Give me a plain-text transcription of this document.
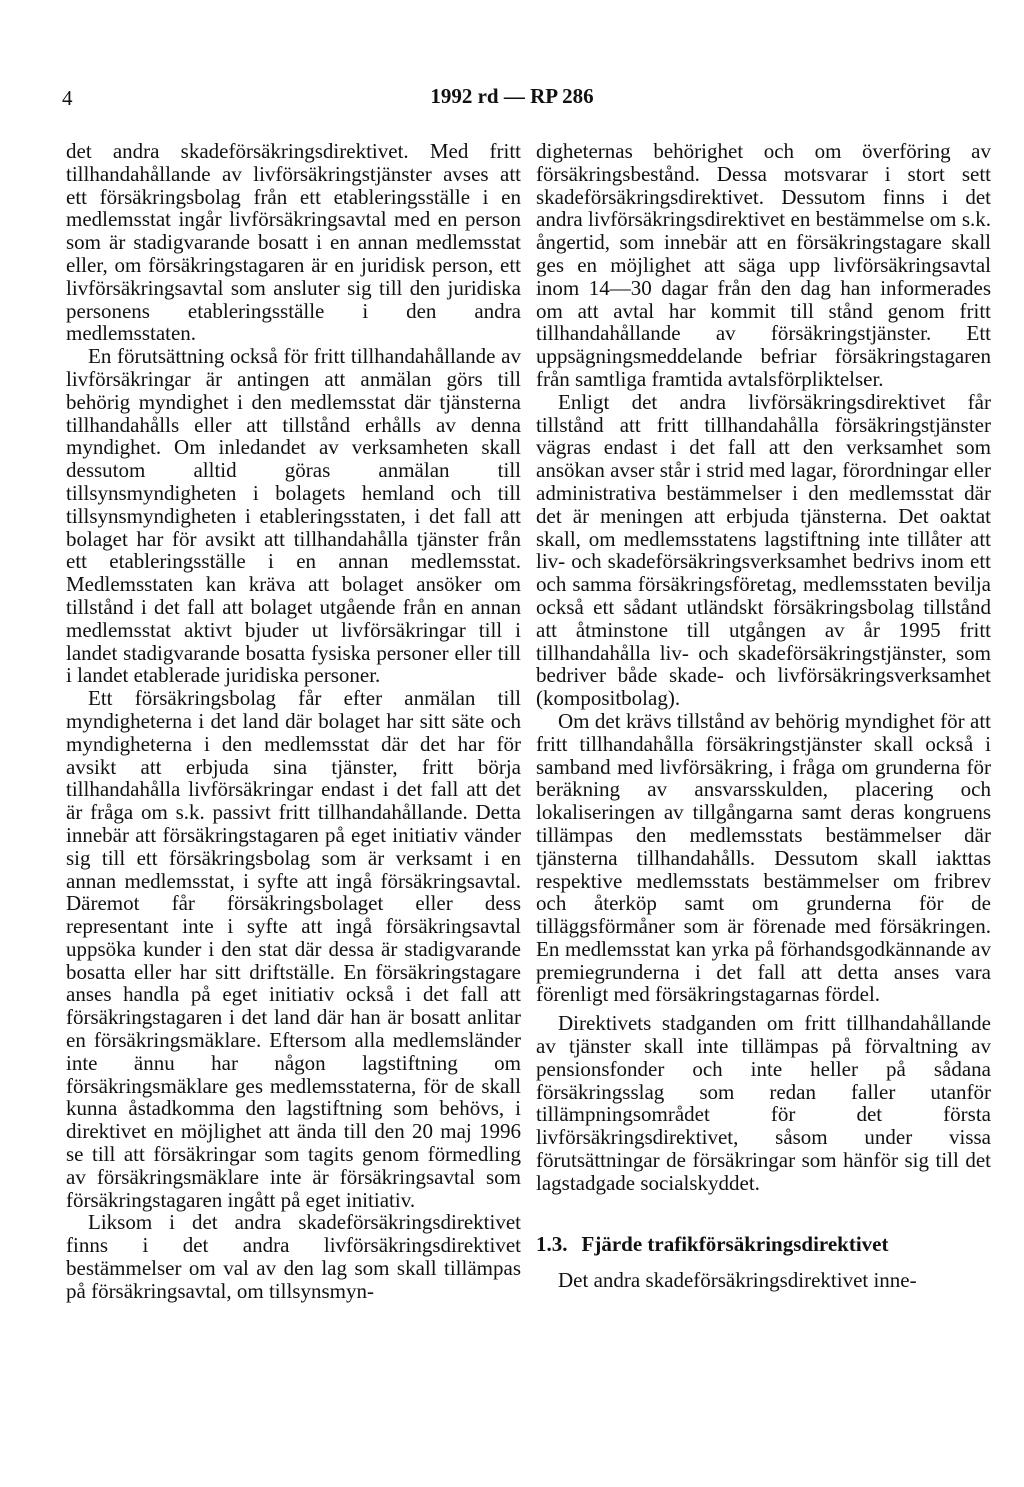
4	1992 rd — RP 286

det andra skadeförsäkringsdirektivet. Med fritt tillhandahållande av livförsäkringstjänster avses att ett försäkringsbolag från ett etableringsställe i en medlemsstat ingår livförsäkringsavtal med en person som är stadigvarande bosatt i en annan medlemsstat eller, om försäkringstagaren är en juridisk person, ett livförsäkringsavtal som ansluter sig till den juridiska personens etableringsställe i den andra medlemsstaten.

En förutsättning också för fritt tillhandahållande av livförsäkringar är antingen att anmälan görs till behörig myndighet i den medlemsstat där tjänsterna tillhandahålls eller att tillstånd erhålls av denna myndighet. Om inledandet av verksamheten skall dessutom alltid göras anmälan till tillsynsmyndigheten i bolagets hemland och till tillsynsmyndigheten i etableringsstaten, i det fall att bolaget har för avsikt att tillhandahålla tjänster från ett etableringsställe i en annan medlemsstat. Medlemsstaten kan kräva att bolaget ansöker om tillstånd i det fall att bolaget utgående från en annan medlemsstat aktivt bjuder ut livförsäkringar till i landet stadigvarande bosatta fysiska personer eller till i landet etablerade juridiska personer.

Ett försäkringsbolag får efter anmälan till myndigheterna i det land där bolaget har sitt säte och myndigheterna i den medlemsstat där det har för avsikt att erbjuda sina tjänster, fritt börja tillhandahålla livförsäkringar endast i det fall att det är fråga om s.k. passivt fritt tillhandahållande. Detta innebär att försäkringstagaren på eget initiativ vänder sig till ett försäkringsbolag som är verksamt i en annan medlemsstat, i syfte att ingå försäkringsavtal. Däremot får försäkringsbolaget eller dess representant inte i syfte att ingå försäkringsavtal uppsöka kunder i den stat där dessa är stadigvarande bosatta eller har sitt driftställe. En försäkringstagare anses handla på eget initiativ också i det fall att försäkringstagaren i det land där han är bosatt anlitar en försäkringsmäklare. Eftersom alla medlemsländer inte ännu har någon lagstiftning om försäkringsmäklare ges medlemsstaterna, för de skall kunna åstadkomma den lagstiftning som behövs, i direktivet en möjlighet att ända till den 20 maj 1996 se till att försäkringar som tagits genom förmedling av försäkringsmäklare inte är försäkringsavtal som försäkringstagaren ingått på eget initiativ.

Liksom i det andra skadeförsäkringsdirektivet finns i det andra livförsäkringsdirektivet bestämmelser om val av den lag som skall tillämpas på försäkringsavtal, om tillsynsmyn-

digheternas behörighet och om överföring av försäkringsbestånd. Dessa motsvarar i stort sett skadeförsäkringsdirektivet. Dessutom finns i det andra livförsäkringsdirektivet en bestämmelse om s.k. ångertid, som innebär att en försäkringstagare skall ges en möjlighet att säga upp livförsäkringsavtal inom 14—30 dagar från den dag han informerades om att avtal har kommit till stånd genom fritt tillhandahållande av försäkringstjänster. Ett uppsägningsmeddelande befriar försäkringstagaren från samtliga framtida avtalsförpliktelser.

Enligt det andra livförsäkringsdirektivet får tillstånd att fritt tillhandahålla försäkringstjänster vägras endast i det fall att den verksamhet som ansökan avser står i strid med lagar, förordningar eller administrativa bestämmelser i den medlemsstat där det är meningen att erbjuda tjänsterna. Det oaktat skall, om medlemsstatens lagstiftning inte tillåter att liv- och skadeförsäkringsverksamhet bedrivs inom ett och samma försäkringsföretag, medlemsstaten bevilja också ett sådant utländskt försäkringsbolag tillstånd att åtminstone till utgången av år 1995 fritt tillhandahålla liv- och skadeförsäkringstjänster, som bedriver både skade- och livförsäkringsverksamhet (kompositbolag).

Om det krävs tillstånd av behörig myndighet för att fritt tillhandahålla försäkringstjänster skall också i samband med livförsäkring, i fråga om grunderna för beräkning av ansvarsskulden, placering och lokaliseringen av tillgångarna samt deras kongruens tillämpas den medlemsstats bestämmelser där tjänsterna tillhandahålls. Dessutom skall iakttas respektive medlemsstats bestämmelser om fribrev och återköp samt om grunderna för de tilläggsförmåner som är förenade med försäkringen. En medlemsstat kan yrka på förhandsgodkännande av premiegrunderna i det fall att detta anses vara förenligt med försäkringstagarnas fördel.

Direktivets stadganden om fritt tillhandahållande av tjänster skall inte tillämpas på förvaltning av pensionsfonder och inte heller på sådana försäkringsslag som redan faller utanför tillämpningsområdet för det första livförsäkringsdirektivet, såsom under vissa förutsättningar de försäkringar som hänför sig till det lagstadgade socialskyddet.

1.3. Fjärde trafikförsäkringsdirektivet

Det andra skadeförsäkringsdirektivet inne-
